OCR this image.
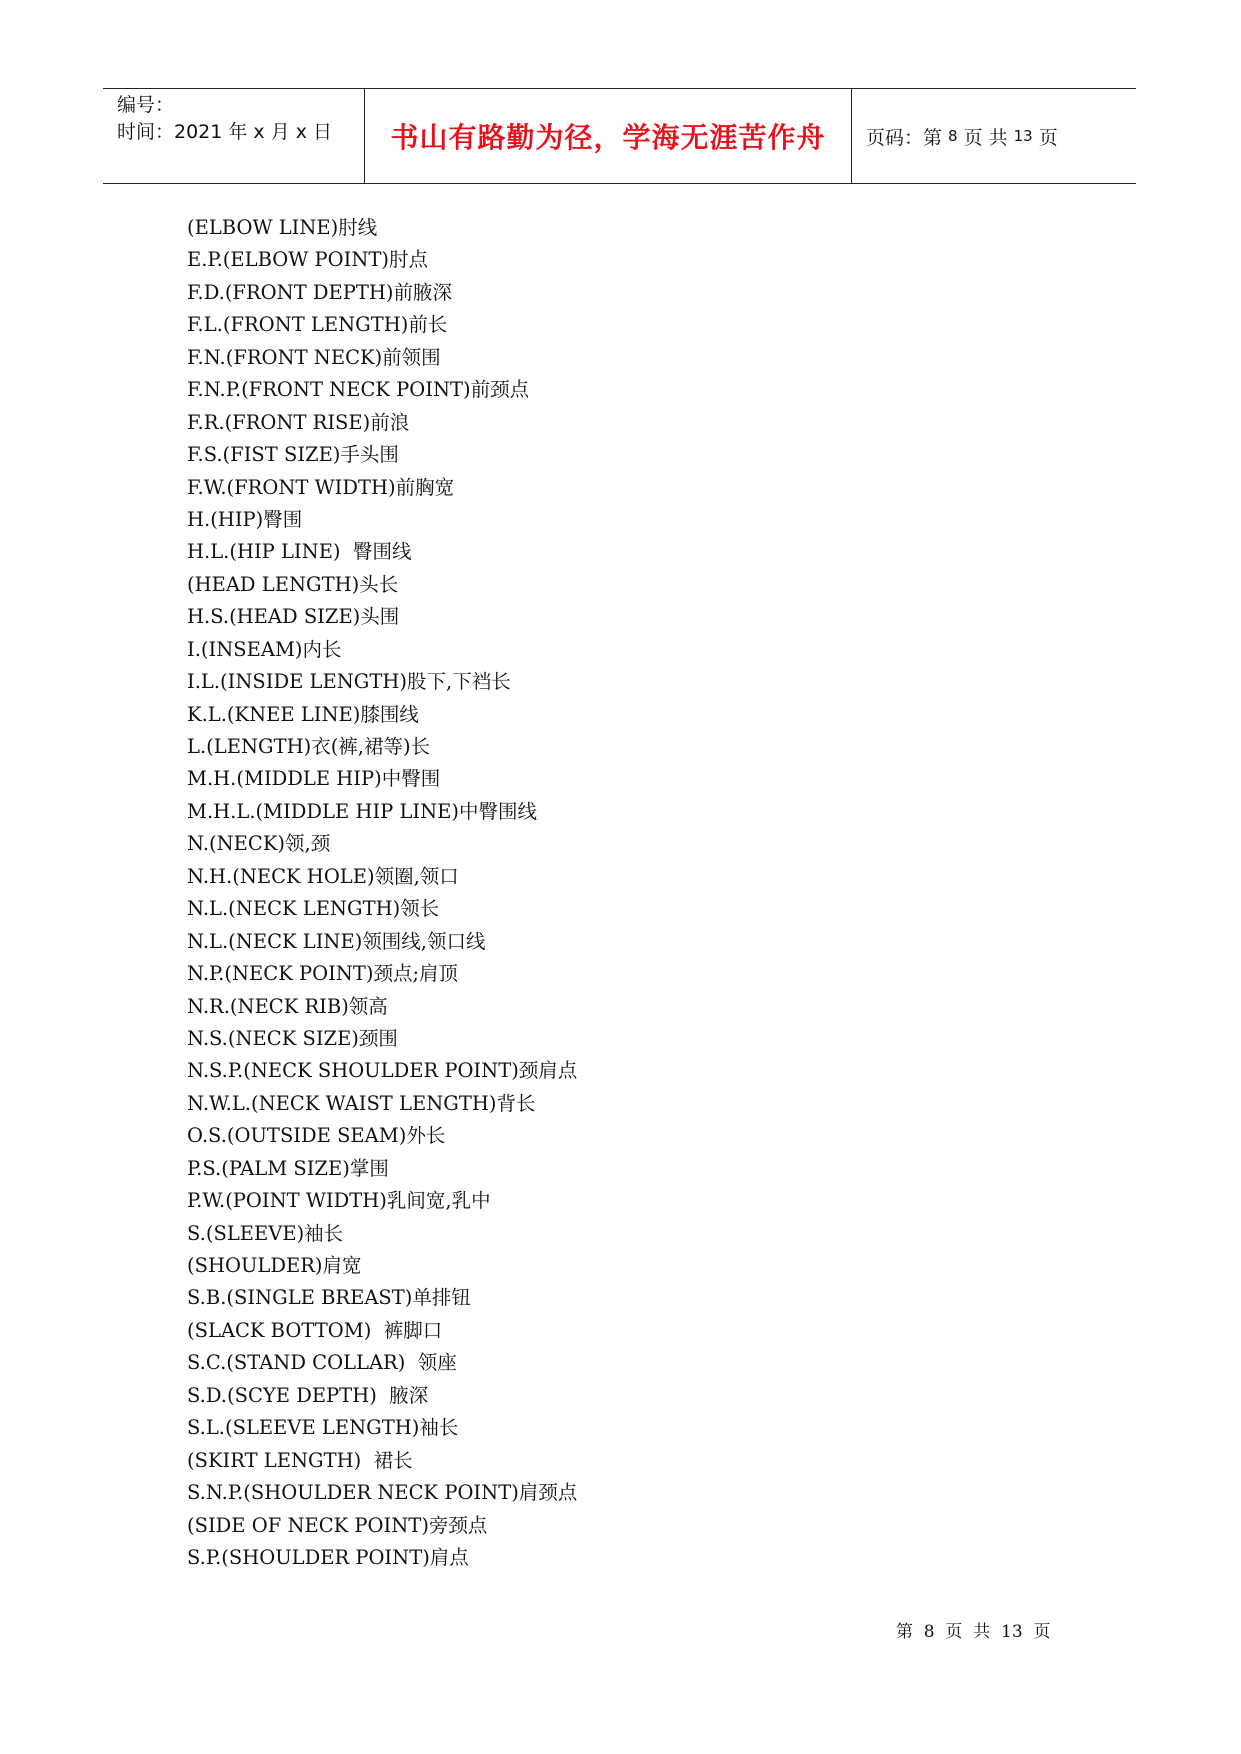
编号：
时间：2021 年 x 月 x 日	书山有路勤为径，学海无涯苦作舟	页码：第 8 页 共 13 页
(ELBOW LINE)肘线
E.P.(ELBOW POINT)肘点
F.D.(FRONT DEPTH)前腋深
F.L.(FRONT LENGTH)前长
F.N.(FRONT NECK)前领围
F.N.P.(FRONT NECK POINT)前颈点
F.R.(FRONT RISE)前浪
F.S.(FIST SIZE)手头围
F.W.(FRONT WIDTH)前胸宽
H.(HIP)臀围
H.L.(HIP LINE)  臀围线
(HEAD LENGTH)头长
H.S.(HEAD SIZE)头围
I.(INSEAM)内长
I.L.(INSIDE LENGTH)股下,下裆长
K.L.(KNEE LINE)膝围线
L.(LENGTH)衣(裤,裙等)长
M.H.(MIDDLE HIP)中臀围
M.H.L.(MIDDLE HIP LINE)中臀围线
N.(NECK)领,颈
N.H.(NECK HOLE)领圈,领口
N.L.(NECK LENGTH)领长
N.L.(NECK LINE)领围线,领口线
N.P.(NECK POINT)颈点;肩顶
N.R.(NECK RIB)领高
N.S.(NECK SIZE)颈围
N.S.P.(NECK SHOULDER POINT)颈肩点
N.W.L.(NECK WAIST LENGTH)背长
O.S.(OUTSIDE SEAM)外长
P.S.(PALM SIZE)掌围
P.W.(POINT WIDTH)乳间宽,乳中
S.(SLEEVE)袖长
(SHOULDER)肩宽
S.B.(SINGLE BREAST)单排钮
(SLACK BOTTOM)  裤脚口
S.C.(STAND COLLAR)  领座
S.D.(SCYE DEPTH)  腋深
S.L.(SLEEVE LENGTH)袖长
(SKIRT LENGTH)  裙长
S.N.P.(SHOULDER NECK POINT)肩颈点
(SIDE OF NECK POINT)旁颈点
S.P.(SHOULDER POINT)肩点
第  8  页  共  13  页
